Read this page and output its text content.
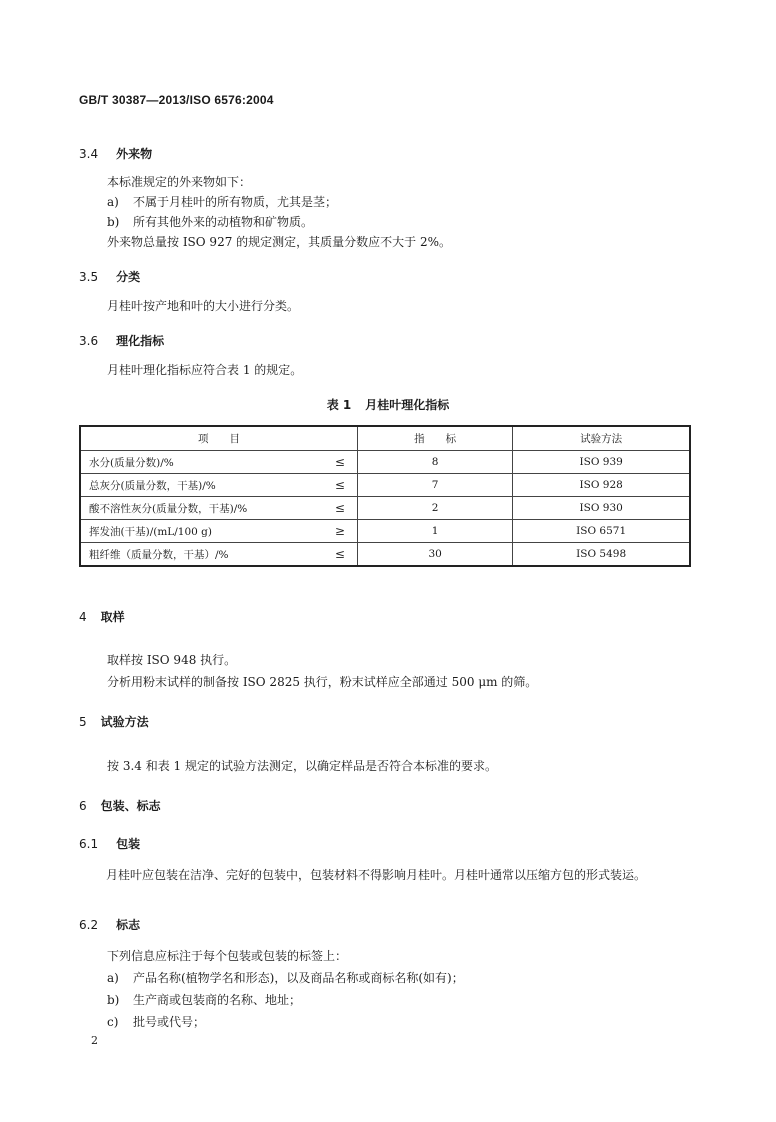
GB/T 30387—2013/ISO 6576:2004
3.4 外来物
本标准规定的外来物如下：
a) 不属于月桂叶的所有物质，尤其是茎；
b) 所有其他外来的动植物和矿物质。
外来物总量按 ISO 927 的规定测定，其质量分数应不大于 2%。
3.5 分类
月桂叶按产地和叶的大小进行分类。
3.6 理化指标
月桂叶理化指标应符合表 1 的规定。
表 1 月桂叶理化指标
项　　目		指　　标	试验方法
水分(质量分数)/%	≤	8	ISO 939
总灰分(质量分数，干基)/%	≤	7	ISO 928
酸不溶性灰分(质量分数，干基)/%	≤	2	ISO 930
挥发油(干基)/(mL/100 g)	≥	1	ISO 6571
粗纤维（质量分数，干基）/%	≤	30	ISO 5498
4 取样
取样按 ISO 948 执行。
分析用粉末试样的制备按 ISO 2825 执行，粉末试样应全部通过 500 μm 的筛。
5 试验方法
按 3.4 和表 1 规定的试验方法测定，以确定样品是否符合本标准的要求。
6 包装、标志
6.1 包装
月桂叶应包装在洁净、完好的包装中，包装材料不得影响月桂叶。月桂叶通常以压缩方包的形式装运。
6.2 标志
下列信息应标注于每个包装或包装的标签上：
a) 产品名称(植物学名和形态)，以及商品名称或商标名称(如有)；
b) 生产商或包装商的名称、地址；
c) 批号或代号；
2
